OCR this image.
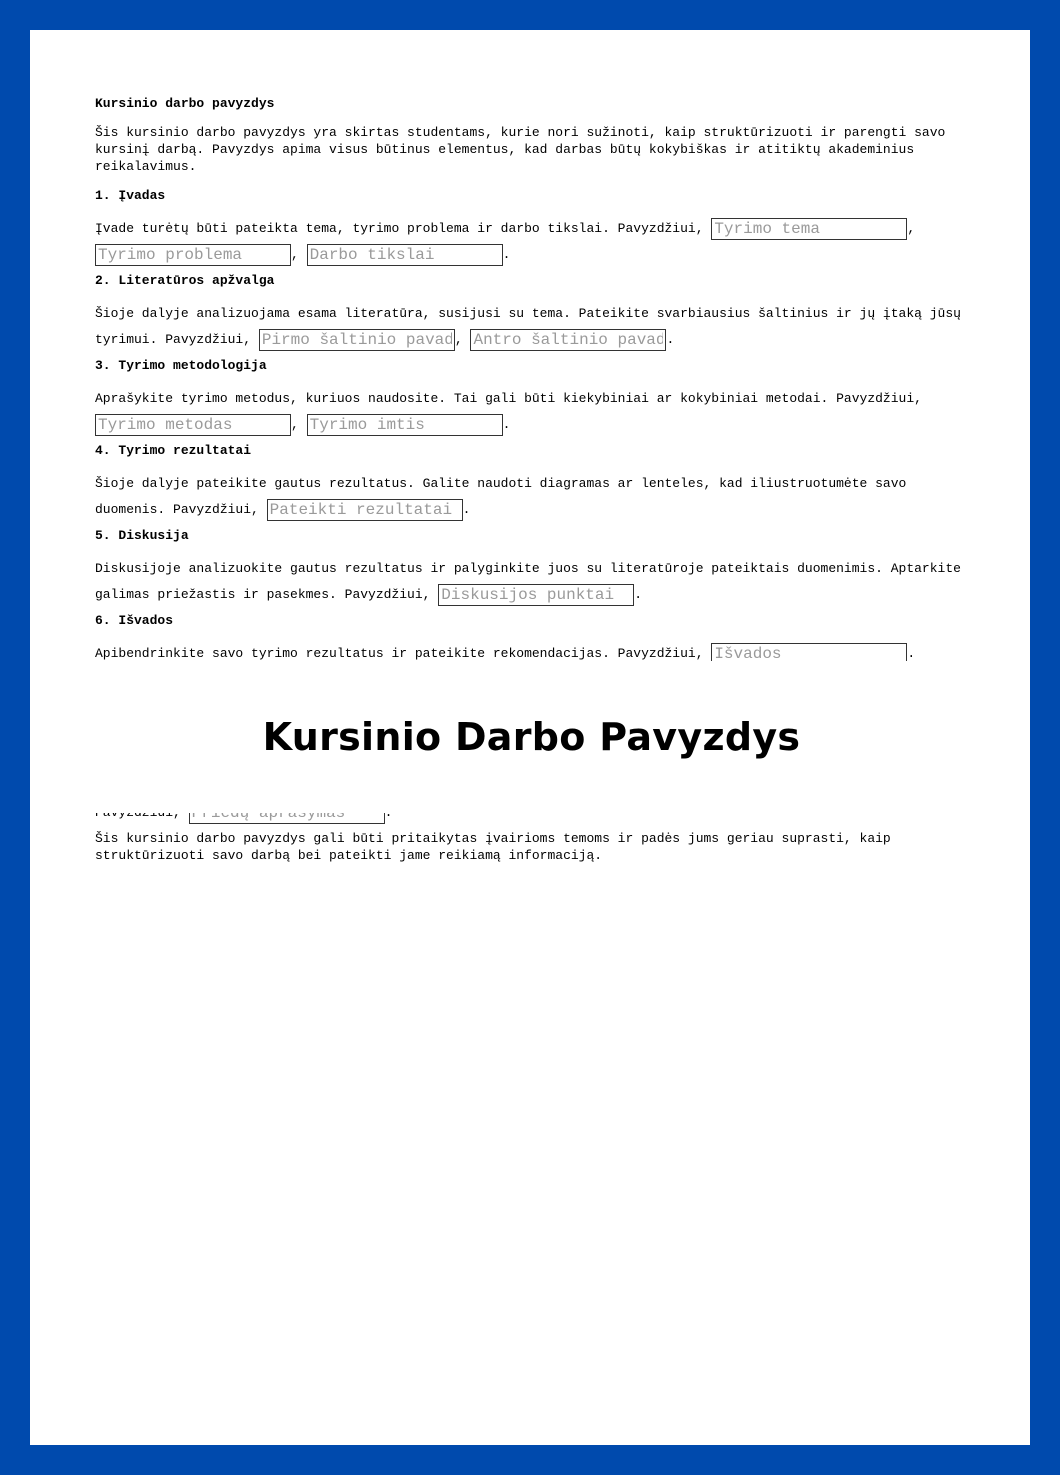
Kursinio darbo pavyzdys

Šis kursinio darbo pavyzdys yra skirtas studentams, kurie nori sužinoti, kaip struktūrizuoti ir parengti savo kursinį darbą. Pavyzdys apima visus būtinus elementus, kad darbas būtų kokybiškas ir atitiktų akademinius reikalavimus.

1. Įvadas

Įvade turėtų būti pateikta tema, tyrimo problema ir darbo tikslai. Pavyzdžiui, Tyrimo tema	, Tyrimo problema, Darbo tikslai	.

2. Literatūros apžvalga

Šioje dalyje analizuojama esama literatūra, susijusi su tema. Pateikite svarbiausius šaltinius ir jų įtaką jūsų tyrimui. Pavyzdžiui, Pirmo šaltinio pavadinimas	, Antro šaltinio pavadinimas	.

3. Tyrimo metodologija

Aprašykite tyrimo metodus, kuriuos naudosite. Tai gali būti kiekybiniai ar kokybiniai metodai. Pavyzdžiui, Tyrimo metodas, Tyrimo imtis	.

4. Tyrimo rezultatai

Šioje dalyje pateikite gautus rezultatus. Galite naudoti diagramas ar lenteles, kad iliustruotumėte savo duomenis. Pavyzdžiui, Pateikti rezultatai	.

5. Diskusija

Diskusijoje analizuokite gautus rezultatus ir palyginkite juos su literatūroje pateiktais duomenimis. Aptarkite galimas priežastis ir pasekmes. Pavyzdžiui, Diskusijos punktai	.

6. Išvados

Apibendrinkite savo tyrimo rezultatus ir pateikite rekomendacijas. Pavyzdžiui, Išvados	.

Priedų aprašymas

Šis kursinio darbo pavyzdys gali būti pritaikytas įvairioms temoms ir padės jums geriau suprasti, kaip struktūrizuoti savo darbą bei pateikti jame reikiamą informaciją.

Kursinio Darbo Pavyzdys
